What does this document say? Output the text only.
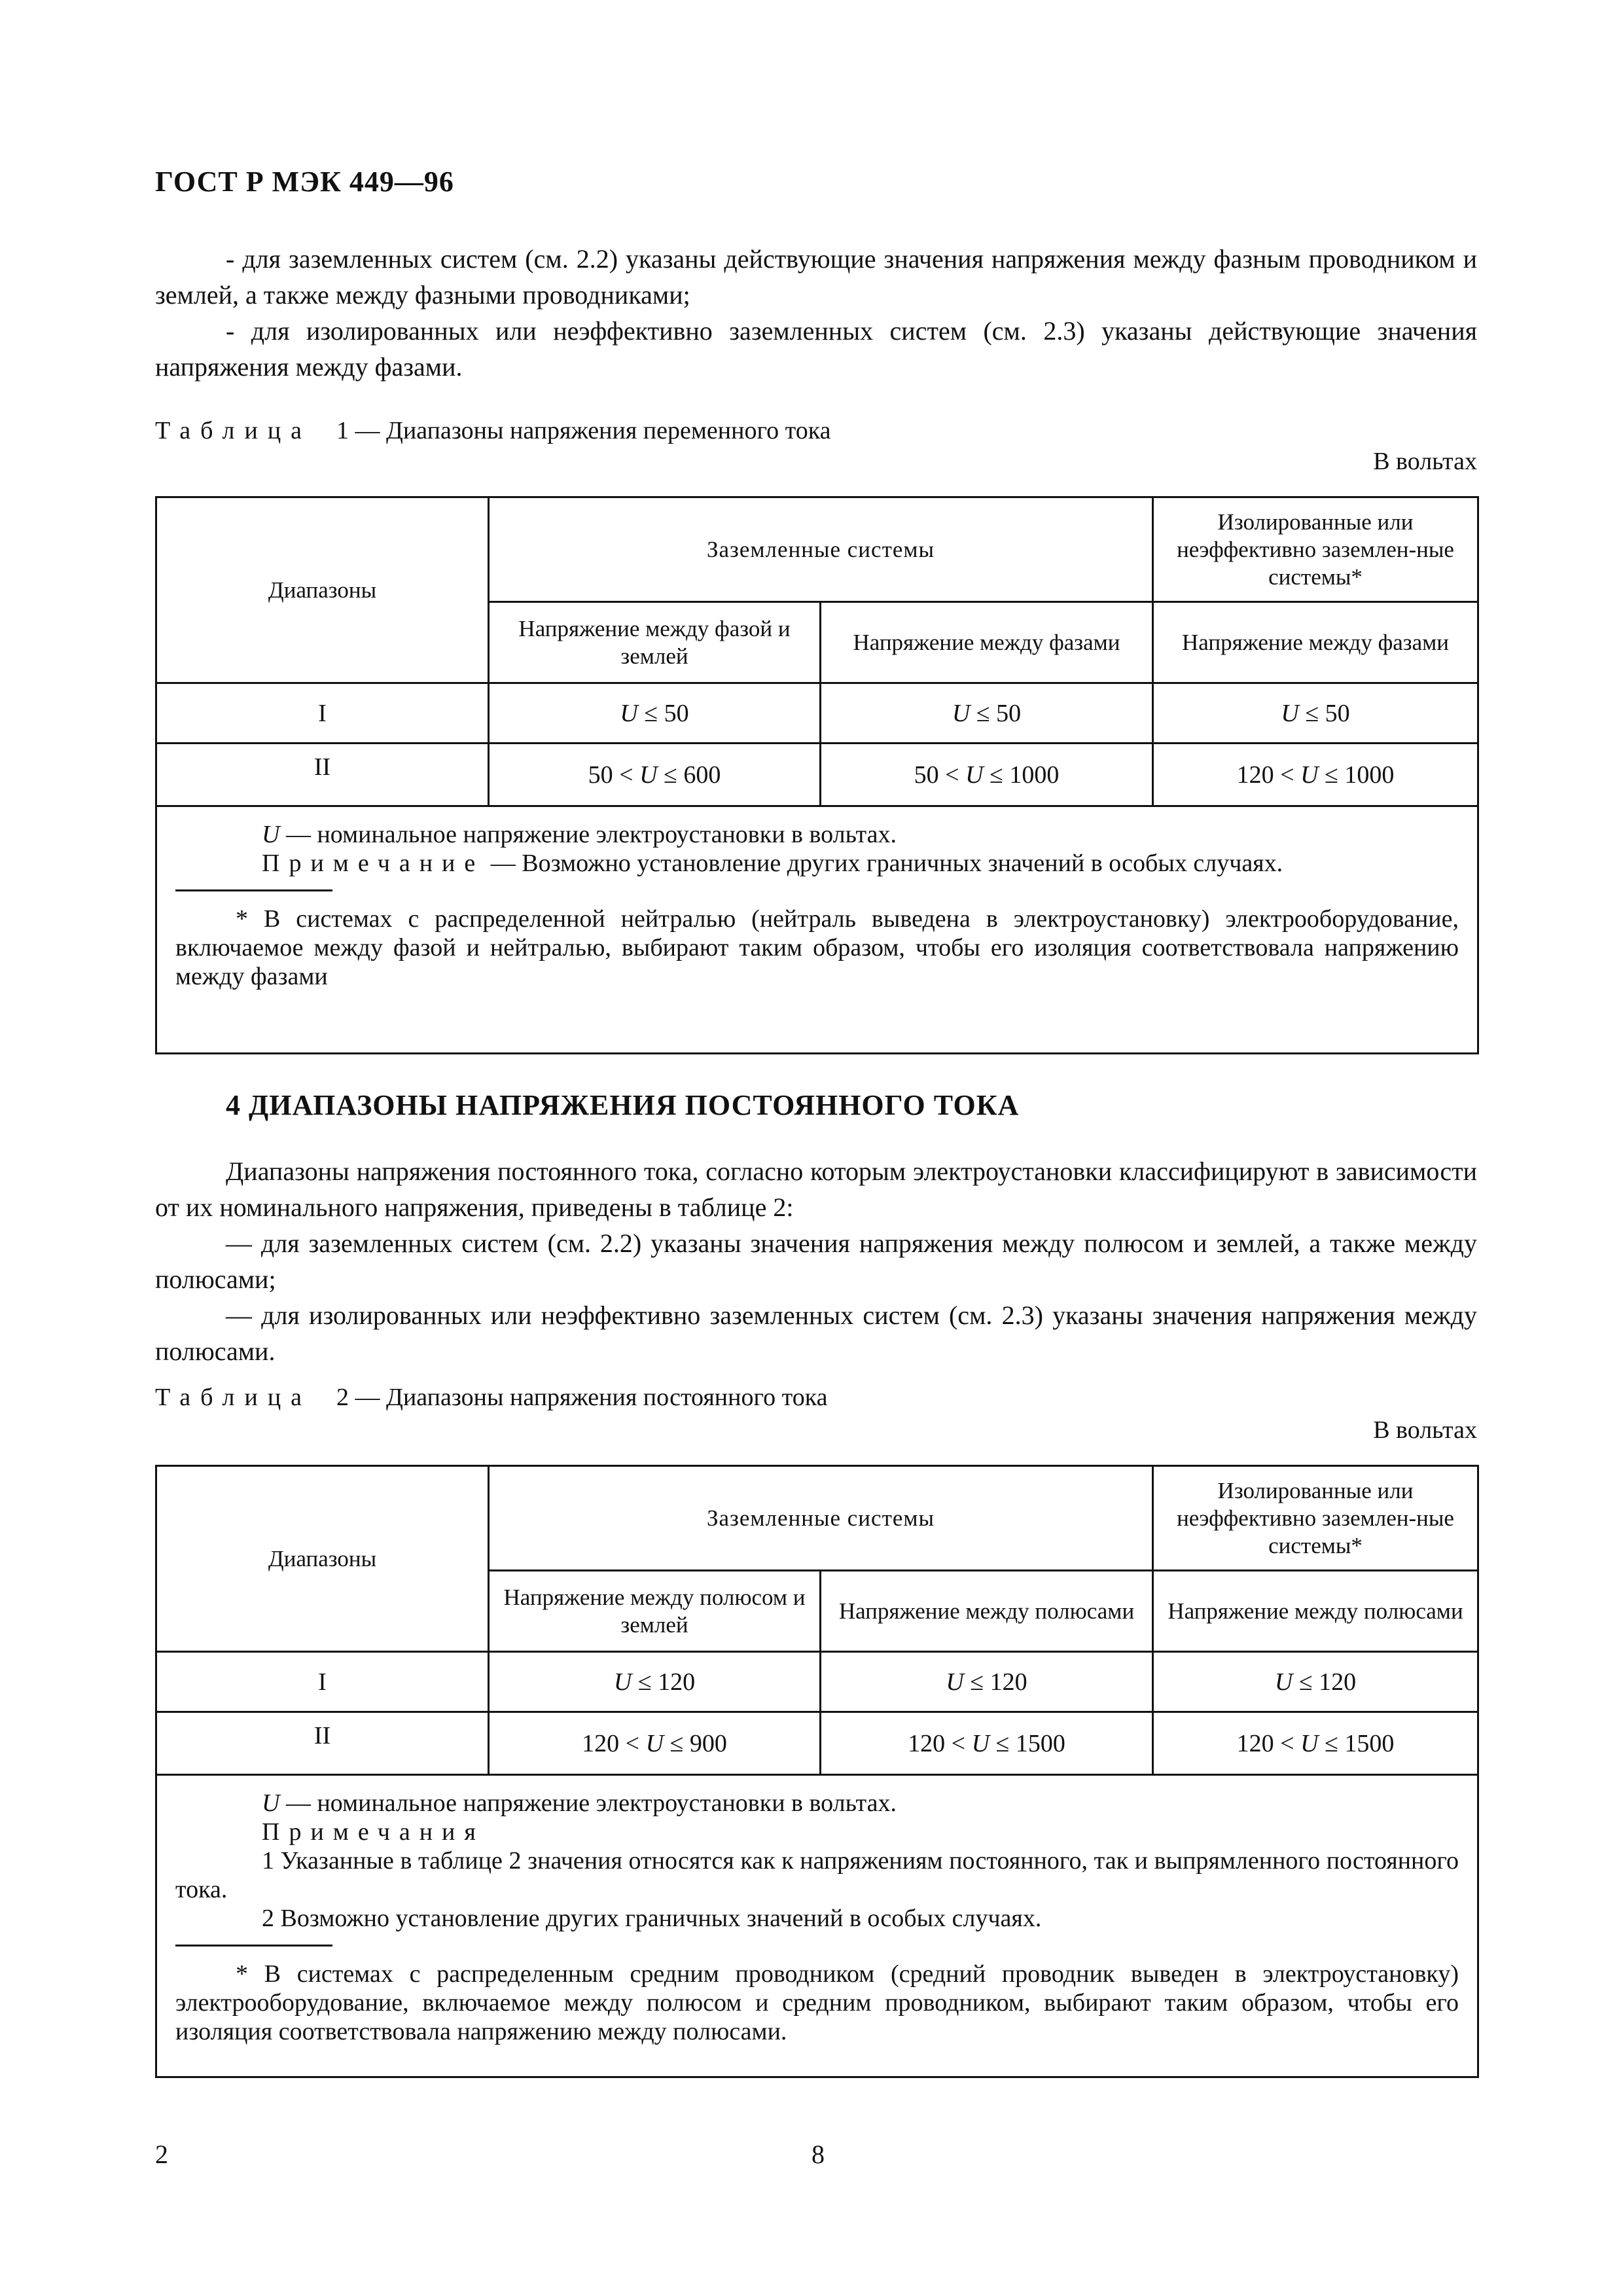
ГОСТ Р МЭК 449—96

- для заземленных систем (см. 2.2) указаны действующие значения напряжения между фазным проводником и землей, а также между фазными проводниками;

- для изолированных или неэффективно заземленных систем (см. 2.3) указаны действующие значения напряжения между фазами.

Таблица 1 — Диапазоны напряжения переменного тока
В вольтах
Диапазоны	Заземленные системы		Изолированные или неэффективно заземлен-ные системы*
	Напряжение между фазой и землей	Напряжение между фазами	Напряжение между фазами
I	U ≤ 50	U ≤ 50	U ≤ 50
II	50 < U ≤ 600	50 < U ≤ 1000	120 < U ≤ 1000

U — номинальное напряжение электроустановки в вольтах.

Примечание — Возможно установление других граничных значений в особых случаях.

* В системах с распределенной нейтралью (нейтраль выведена в электроустановку) электрооборудование, включаемое между фазой и нейтралью, выбирают таким образом, чтобы его изоляция соответствовала напряжению между фазами			

4 ДИАПАЗОНЫ НАПРЯЖЕНИЯ ПОСТОЯННОГО ТОКА

Диапазоны напряжения постоянного тока, согласно которым электроустановки классифицируют в зависимости от их номинального напряжения, приведены в таблице 2:

— для заземленных систем (см. 2.2) указаны значения напряжения между полюсом и землей, а также между полюсами;

— для изолированных или неэффективно заземленных систем (см. 2.3) указаны значения напряжения между полюсами.

Таблица 2 — Диапазоны напряжения постоянного тока
В вольтах
Диапазоны	Заземленные системы		Изолированные или неэффективно заземлен-ные системы*
	Напряжение между полюсом и землей	Напряжение между полюсами	Напряжение между полюсами
I	U ≤ 120	U ≤ 120	U ≤ 120
II	120 < U ≤ 900	120 < U ≤ 1500	120 < U ≤ 1500

U — номинальное напряжение электроустановки в вольтах.

Примечания

1 Указанные в таблице 2 значения относятся как к напряжениям постоянного, так и выпрямленного постоянного тока.

2 Возможно установление других граничных значений в особых случаях.

* В системах с распределенным средним проводником (средний проводник выведен в электроустановку) электрооборудование, включаемое между полюсом и средним проводником, выбирают таким образом, чтобы его изоляция соответствовала напряжению между полюсами.			

2	8
